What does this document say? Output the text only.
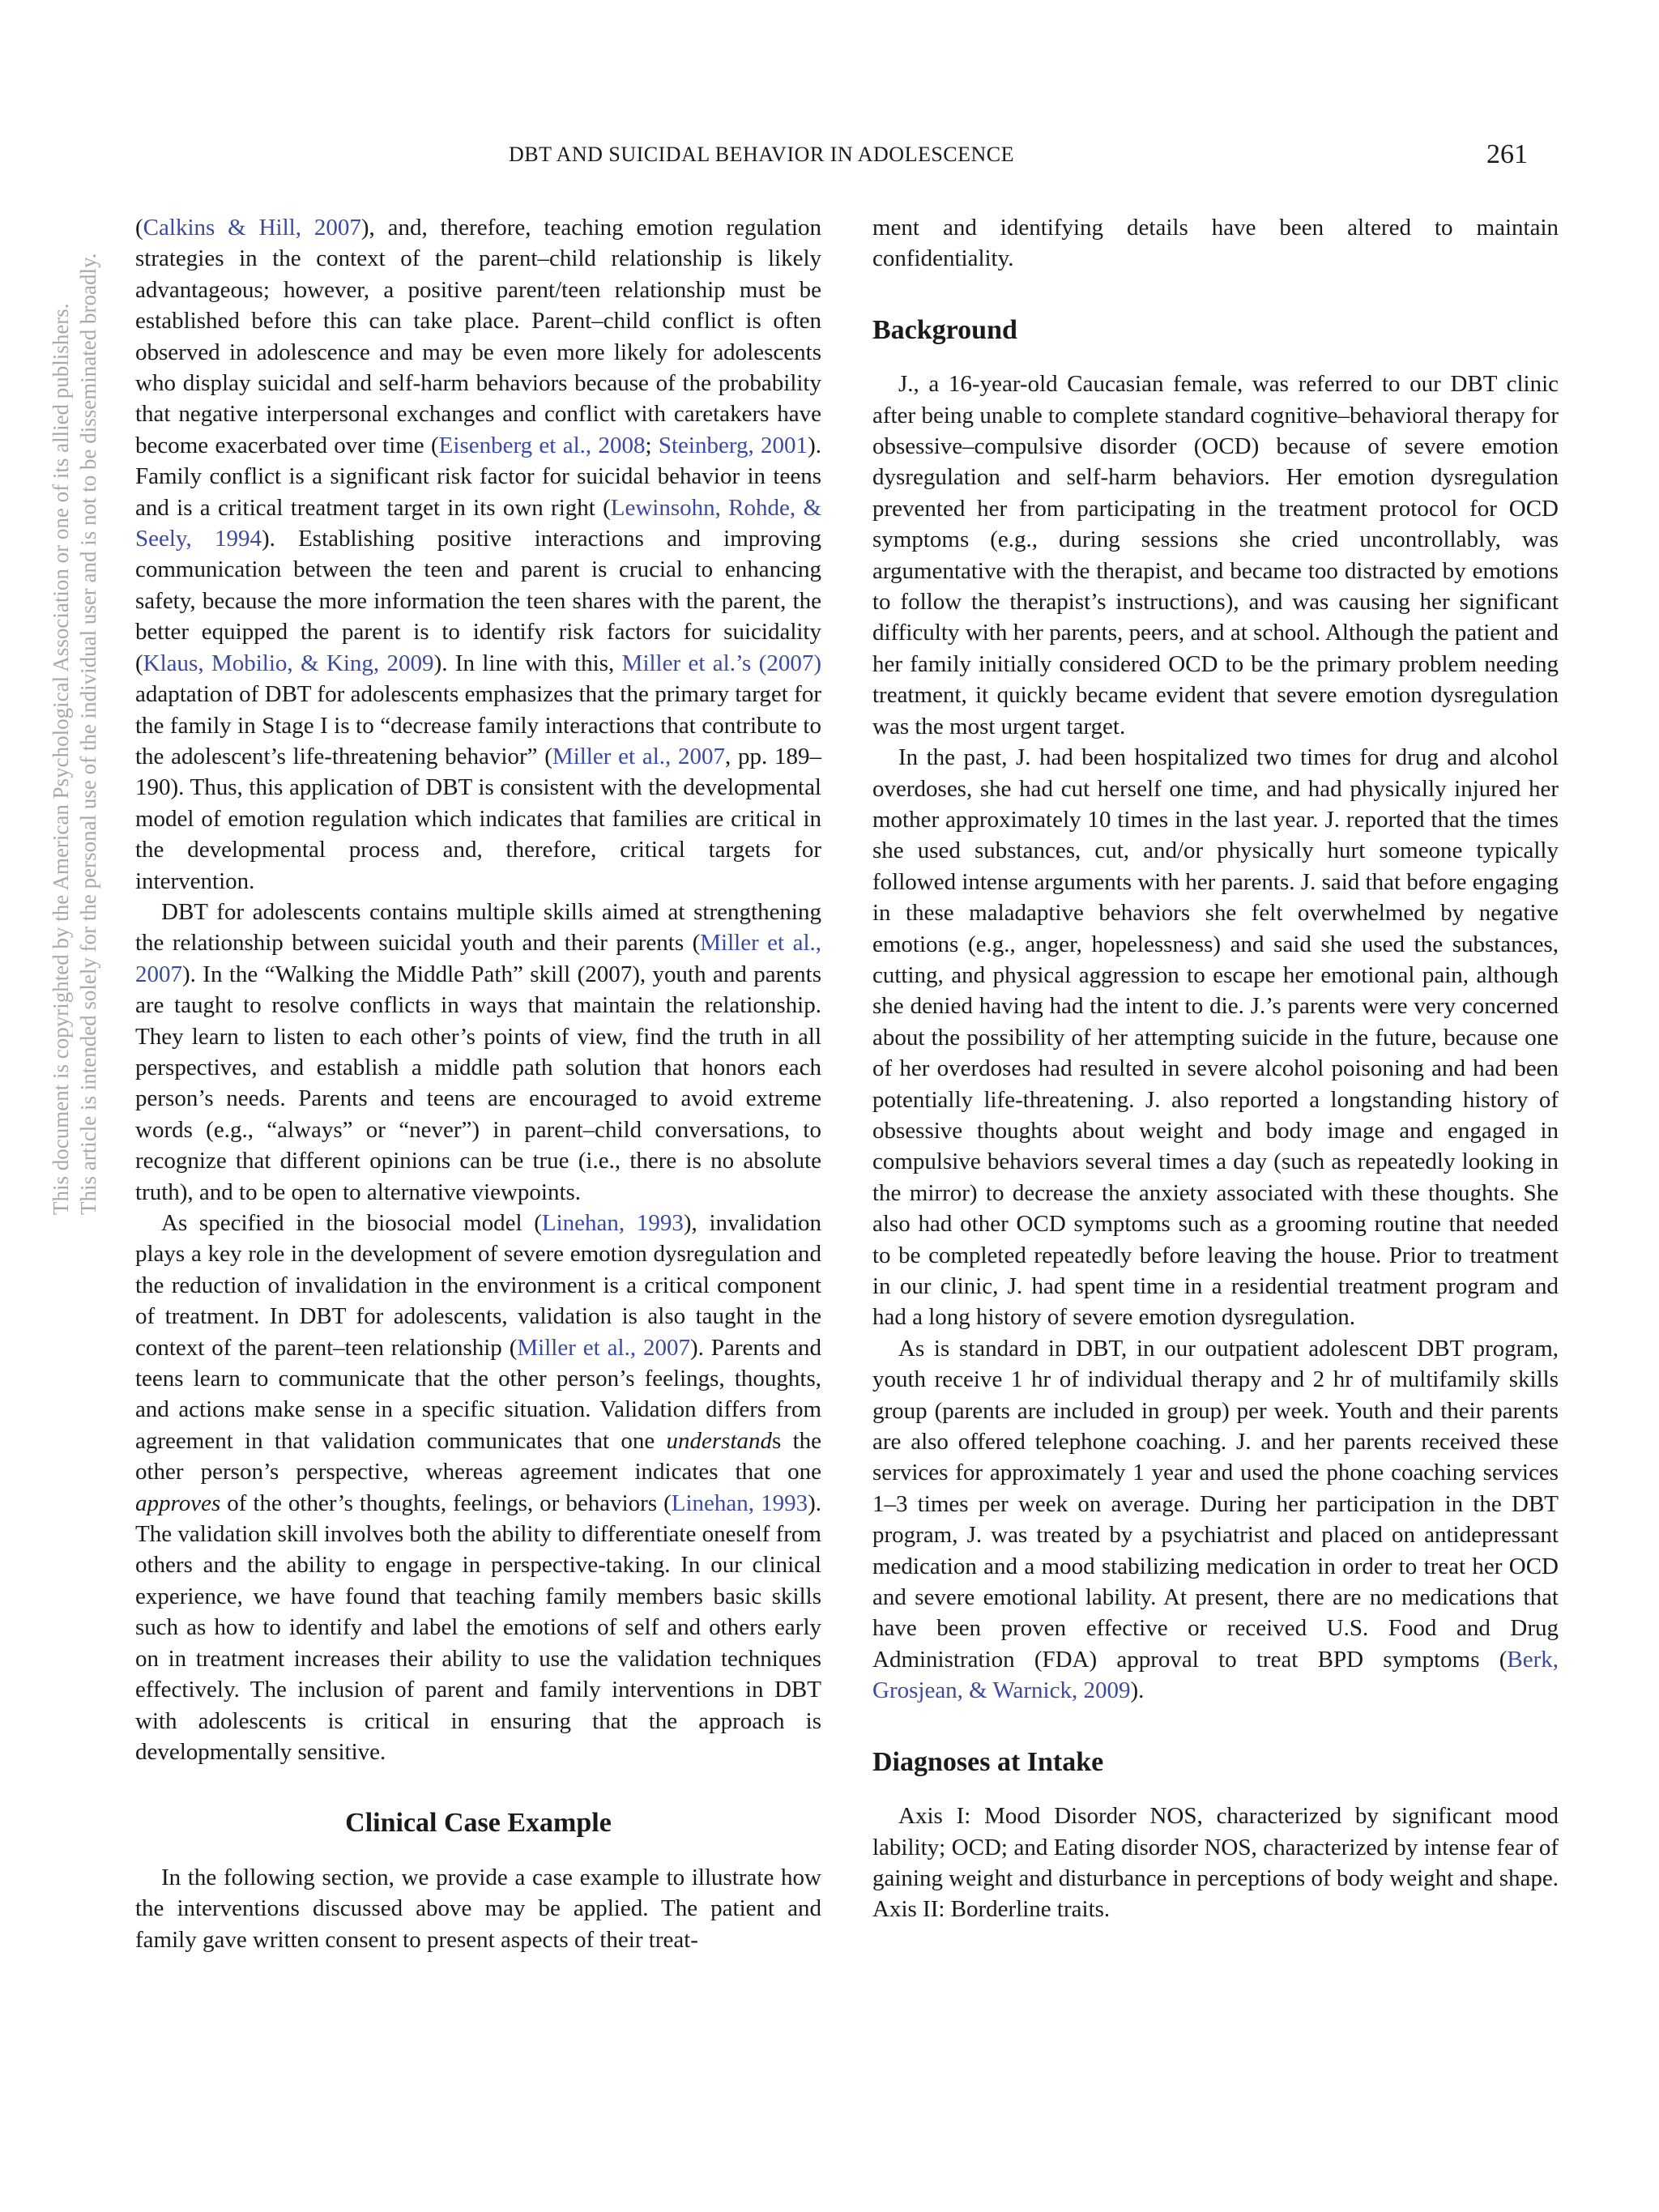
DBT AND SUICIDAL BEHAVIOR IN ADOLESCENCE	261
This document is copyrighted by the American Psychological Association or one of its allied publishers. This article is intended solely for the personal use of the individual user and is not to be disseminated broadly.

(Calkins & Hill, 2007), and, therefore, teaching emotion regulation strategies in the context of the parent–child relationship is likely advantageous; however, a positive parent/teen relationship must be established before this can take place. Parent–child conflict is often observed in adolescence and may be even more likely for adolescents who display suicidal and self-harm behaviors because of the probability that negative interpersonal exchanges and conflict with caretakers have become exacerbated over time (Eisenberg et al., 2008; Steinberg, 2001). Family conflict is a significant risk factor for suicidal behavior in teens and is a critical treatment target in its own right (Lewinsohn, Rohde, & Seely, 1994). Establishing positive interactions and improving communication between the teen and parent is crucial to enhancing safety, because the more information the teen shares with the parent, the better equipped the parent is to identify risk factors for suicidality (Klaus, Mobilio, & King, 2009). In line with this, Miller et al.’s (2007) adaptation of DBT for adolescents emphasizes that the primary target for the family in Stage I is to “decrease family interactions that contribute to the adolescent’s life-threatening behavior” (Miller et al., 2007, pp. 189–190). Thus, this application of DBT is consistent with the developmental model of emotion regulation which indicates that families are critical in the developmental process and, therefore, critical targets for intervention.

DBT for adolescents contains multiple skills aimed at strengthening the relationship between suicidal youth and their parents (Miller et al., 2007). In the “Walking the Middle Path” skill (2007), youth and parents are taught to resolve conflicts in ways that maintain the relationship. They learn to listen to each other’s points of view, find the truth in all perspectives, and establish a middle path solution that honors each person’s needs. Parents and teens are encouraged to avoid extreme words (e.g., “always” or “never”) in parent–child conversations, to recognize that different opinions can be true (i.e., there is no absolute truth), and to be open to alternative viewpoints.

As specified in the biosocial model (Linehan, 1993), invalidation plays a key role in the development of severe emotion dysregulation and the reduction of invalidation in the environment is a critical component of treatment. In DBT for adolescents, validation is also taught in the context of the parent–teen relationship (Miller et al., 2007). Parents and teens learn to communicate that the other person’s feelings, thoughts, and actions make sense in a specific situation. Validation differs from agreement in that validation communicates that one understands the other person’s perspective, whereas agreement indicates that one approves of the other’s thoughts, feelings, or behaviors (Linehan, 1993). The validation skill involves both the ability to differentiate oneself from others and the ability to engage in perspective-taking. In our clinical experience, we have found that teaching family members basic skills such as how to identify and label the emotions of self and others early on in treatment increases their ability to use the validation techniques effectively. The inclusion of parent and family interventions in DBT with adolescents is critical in ensuring that the approach is developmentally sensitive.

Clinical Case Example

In the following section, we provide a case example to illustrate how the interventions discussed above may be applied. The patient and family gave written consent to present aspects of their treat-

ment and identifying details have been altered to maintain confidentiality.

Background

J., a 16-year-old Caucasian female, was referred to our DBT clinic after being unable to complete standard cognitive–behavioral therapy for obsessive–compulsive disorder (OCD) because of severe emotion dysregulation and self-harm behaviors. Her emotion dysregulation prevented her from participating in the treatment protocol for OCD symptoms (e.g., during sessions she cried uncontrollably, was argumentative with the therapist, and became too distracted by emotions to follow the therapist’s instructions), and was causing her significant difficulty with her parents, peers, and at school. Although the patient and her family initially considered OCD to be the primary problem needing treatment, it quickly became evident that severe emotion dysregulation was the most urgent target.

In the past, J. had been hospitalized two times for drug and alcohol overdoses, she had cut herself one time, and had physically injured her mother approximately 10 times in the last year. J. reported that the times she used substances, cut, and/or physically hurt someone typically followed intense arguments with her parents. J. said that before engaging in these maladaptive behaviors she felt overwhelmed by negative emotions (e.g., anger, hopelessness) and said she used the substances, cutting, and physical aggression to escape her emotional pain, although she denied having had the intent to die. J.’s parents were very concerned about the possibility of her attempting suicide in the future, because one of her overdoses had resulted in severe alcohol poisoning and had been potentially life-threatening. J. also reported a longstanding history of obsessive thoughts about weight and body image and engaged in compulsive behaviors several times a day (such as repeatedly looking in the mirror) to decrease the anxiety associated with these thoughts. She also had other OCD symptoms such as a grooming routine that needed to be completed repeatedly before leaving the house. Prior to treatment in our clinic, J. had spent time in a residential treatment program and had a long history of severe emotion dysregulation.

As is standard in DBT, in our outpatient adolescent DBT program, youth receive 1 hr of individual therapy and 2 hr of multifamily skills group (parents are included in group) per week. Youth and their parents are also offered telephone coaching. J. and her parents received these services for approximately 1 year and used the phone coaching services 1–3 times per week on average. During her participation in the DBT program, J. was treated by a psychiatrist and placed on antidepressant medication and a mood stabilizing medication in order to treat her OCD and severe emotional lability. At present, there are no medications that have been proven effective or received U.S. Food and Drug Administration (FDA) approval to treat BPD symptoms (Berk, Grosjean, & Warnick, 2009).

Diagnoses at Intake

Axis I: Mood Disorder NOS, characterized by significant mood lability; OCD; and Eating disorder NOS, characterized by intense fear of gaining weight and disturbance in perceptions of body weight and shape. Axis II: Borderline traits.
